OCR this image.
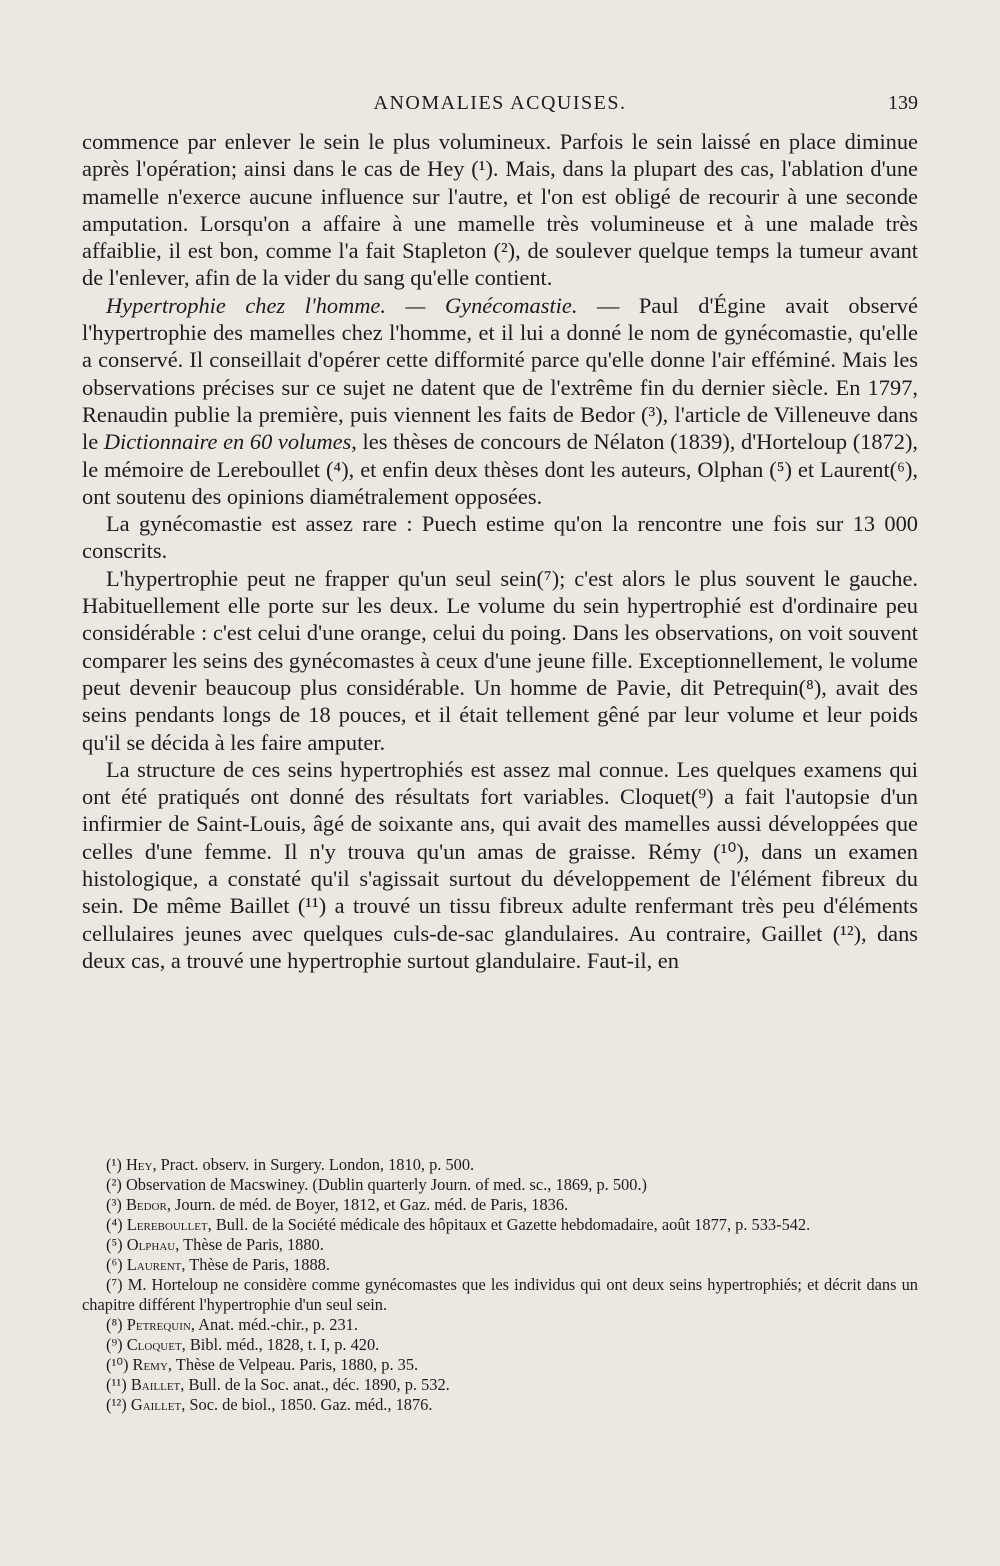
ANOMALIES ACQUISES.	139

commence par enlever le sein le plus volumineux. Parfois le sein laissé en place diminue après l'opération; ainsi dans le cas de Hey (¹). Mais, dans la plupart des cas, l'ablation d'une mamelle n'exerce aucune influence sur l'autre, et l'on est obligé de recourir à une seconde amputation. Lorsqu'on a affaire à une mamelle très volumineuse et à une malade très affaiblie, il est bon, comme l'a fait Stapleton (²), de soulever quelque temps la tumeur avant de l'enlever, afin de la vider du sang qu'elle contient.

Hypertrophie chez l'homme. — Gynécomastie. — Paul d'Égine avait observé l'hypertrophie des mamelles chez l'homme, et il lui a donné le nom de gynécomastie, qu'elle a conservé. Il conseillait d'opérer cette difformité parce qu'elle donne l'air efféminé. Mais les observations précises sur ce sujet ne datent que de l'extrême fin du dernier siècle. En 1797, Renaudin publie la première, puis viennent les faits de Bedor (³), l'article de Villeneuve dans le Dictionnaire en 60 volumes, les thèses de concours de Nélaton (1839), d'Horteloup (1872), le mémoire de Lereboullet (⁴), et enfin deux thèses dont les auteurs, Olphan (⁵) et Laurent(⁶), ont soutenu des opinions diamétralement opposées.

La gynécomastie est assez rare : Puech estime qu'on la rencontre une fois sur 13 000 conscrits.

L'hypertrophie peut ne frapper qu'un seul sein(⁷); c'est alors le plus souvent le gauche. Habituellement elle porte sur les deux. Le volume du sein hypertrophié est d'ordinaire peu considérable : c'est celui d'une orange, celui du poing. Dans les observations, on voit souvent comparer les seins des gynécomastes à ceux d'une jeune fille. Exceptionnellement, le volume peut devenir beaucoup plus considérable. Un homme de Pavie, dit Petrequin(⁸), avait des seins pendants longs de 18 pouces, et il était tellement gêné par leur volume et leur poids qu'il se décida à les faire amputer.

La structure de ces seins hypertrophiés est assez mal connue. Les quelques examens qui ont été pratiqués ont donné des résultats fort variables. Cloquet(⁹) a fait l'autopsie d'un infirmier de Saint-Louis, âgé de soixante ans, qui avait des mamelles aussi développées que celles d'une femme. Il n'y trouva qu'un amas de graisse. Rémy (¹⁰), dans un examen histologique, a constaté qu'il s'agissait surtout du développement de l'élément fibreux du sein. De même Baillet (¹¹) a trouvé un tissu fibreux adulte renfermant très peu d'éléments cellulaires jeunes avec quelques culs-de-sac glandulaires. Au contraire, Gaillet (¹²), dans deux cas, a trouvé une hypertrophie surtout glandulaire. Faut-il, en

(¹) Hey, Pract. observ. in Surgery. London, 1810, p. 500.

(²) Observation de Macswiney. (Dublin quarterly Journ. of med. sc., 1869, p. 500.)

(³) Bedor, Journ. de méd. de Boyer, 1812, et Gaz. méd. de Paris, 1836.

(⁴) Lereboullet, Bull. de la Société médicale des hôpitaux et Gazette hebdomadaire, août 1877, p. 533-542.

(⁵) Olphau, Thèse de Paris, 1880.

(⁶) Laurent, Thèse de Paris, 1888.

(⁷) M. Horteloup ne considère comme gynécomastes que les individus qui ont deux seins hypertrophiés; et décrit dans un chapitre différent l'hypertrophie d'un seul sein.

(⁸) Petrequin, Anat. méd.-chir., p. 231.

(⁹) Cloquet, Bibl. méd., 1828, t. I, p. 420.

(¹⁰) Remy, Thèse de Velpeau. Paris, 1880, p. 35.

(¹¹) Baillet, Bull. de la Soc. anat., déc. 1890, p. 532.

(¹²) Gaillet, Soc. de biol., 1850. Gaz. méd., 1876.
